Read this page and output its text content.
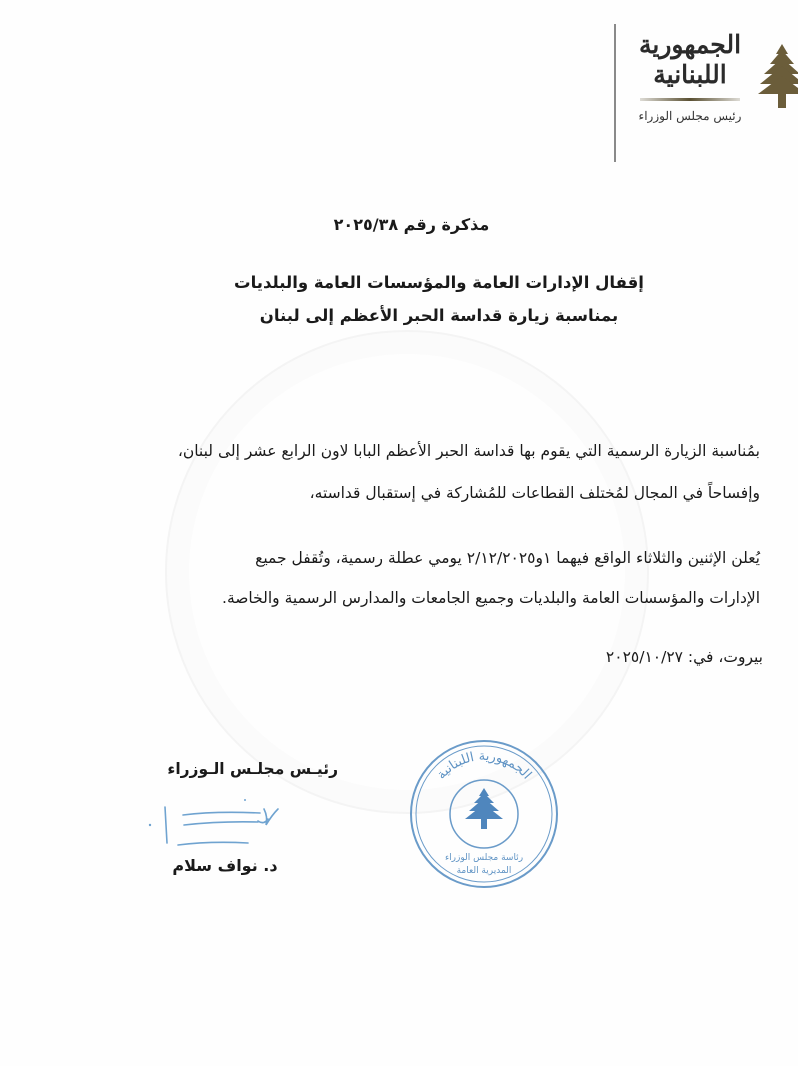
الجمهورية
اللبنانية
رئيس مجلس الوزراء
مذكرة رقم ٢٠٢٥/٣٨
إقفال الإدارات العامة والمؤسسات العامة والبلديات
بمناسبة زيارة قداسة الحبر الأعظم إلى لبنان
بمُناسبة الزيارة الرسمية التي يقوم بها قداسة الحبر الأعظم البابا لاون الرابع عشر إلى لبنان،
وإفساحاً في المجال لمُختلف القطاعات للمُشاركة في إستقبال قداسته،
يُعلن الإثنين والثلاثاء الواقع فيهما ١و٢/١٢/٢٠٢٥ يومي عطلة رسمية، وتُقفل جميع
الإدارات والمؤسسات العامة والبلديات وجميع الجامعات والمدارس الرسمية والخاصة.
بيروت، في: ٢٠٢٥/١٠/٢٧
رئيـس مجلـس الـوزراء
د. نواف سلام
الجمهورية اللبنانية
رئاسة مجلس الوزراء
المديرية العامة
